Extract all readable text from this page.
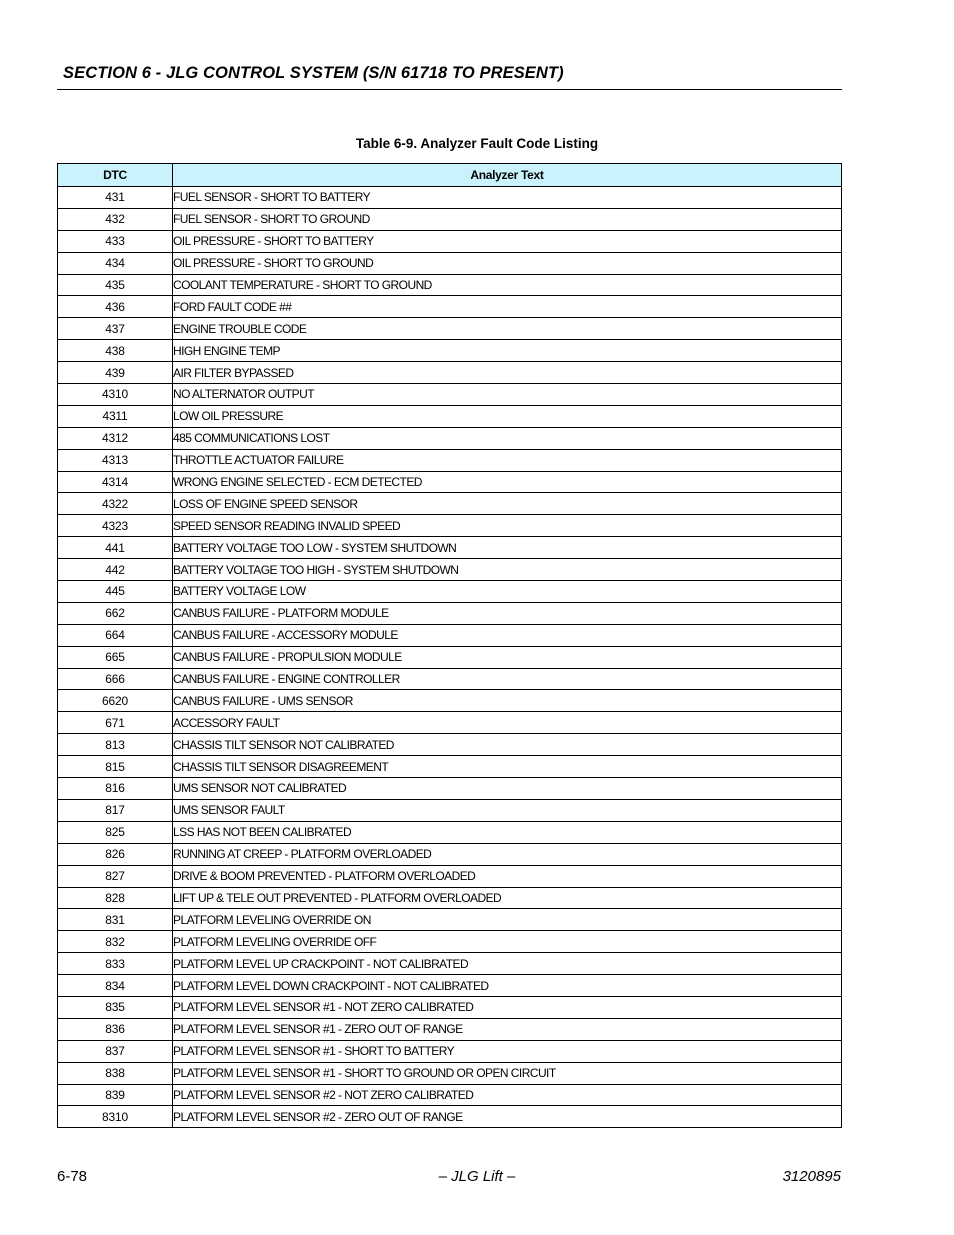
SECTION 6 - JLG CONTROL SYSTEM (S/N 61718 TO PRESENT)
Table 6-9. Analyzer Fault Code Listing
DTC	Analyzer Text
431	FUEL SENSOR - SHORT TO BATTERY
432	FUEL SENSOR - SHORT TO GROUND
433	OIL PRESSURE - SHORT TO BATTERY
434	OIL PRESSURE - SHORT TO GROUND
435	COOLANT TEMPERATURE - SHORT TO GROUND
436	FORD FAULT CODE ##
437	ENGINE TROUBLE CODE
438	HIGH ENGINE TEMP
439	AIR FILTER BYPASSED
4310	NO ALTERNATOR OUTPUT
4311	LOW OIL PRESSURE
4312	485 COMMUNICATIONS LOST
4313	THROTTLE ACTUATOR FAILURE
4314	WRONG ENGINE SELECTED - ECM DETECTED
4322	LOSS OF ENGINE SPEED SENSOR
4323	SPEED SENSOR READING INVALID SPEED
441	BATTERY VOLTAGE TOO LOW - SYSTEM SHUTDOWN
442	BATTERY VOLTAGE TOO HIGH - SYSTEM SHUTDOWN
445	BATTERY VOLTAGE LOW
662	CANBUS FAILURE - PLATFORM MODULE
664	CANBUS FAILURE - ACCESSORY MODULE
665	CANBUS FAILURE - PROPULSION MODULE
666	CANBUS FAILURE - ENGINE CONTROLLER
6620	CANBUS FAILURE - UMS SENSOR
671	ACCESSORY FAULT
813	CHASSIS TILT SENSOR NOT CALIBRATED
815	CHASSIS TILT SENSOR DISAGREEMENT
816	UMS SENSOR NOT CALIBRATED
817	UMS SENSOR FAULT
825	LSS HAS NOT BEEN CALIBRATED
826	RUNNING AT CREEP - PLATFORM OVERLOADED
827	DRIVE & BOOM PREVENTED - PLATFORM OVERLOADED
828	LIFT UP & TELE OUT PREVENTED - PLATFORM OVERLOADED
831	PLATFORM LEVELING OVERRIDE ON
832	PLATFORM LEVELING OVERRIDE OFF
833	PLATFORM LEVEL UP CRACKPOINT - NOT CALIBRATED
834	PLATFORM LEVEL DOWN CRACKPOINT - NOT CALIBRATED
835	PLATFORM LEVEL SENSOR #1 - NOT ZERO CALIBRATED
836	PLATFORM LEVEL SENSOR #1 - ZERO OUT OF RANGE
837	PLATFORM LEVEL SENSOR #1 - SHORT TO BATTERY
838	PLATFORM LEVEL SENSOR #1 - SHORT TO GROUND OR OPEN CIRCUIT
839	PLATFORM LEVEL SENSOR #2 - NOT ZERO CALIBRATED
8310	PLATFORM LEVEL SENSOR #2 - ZERO OUT OF RANGE
6-78	– JLG Lift –	3120895
